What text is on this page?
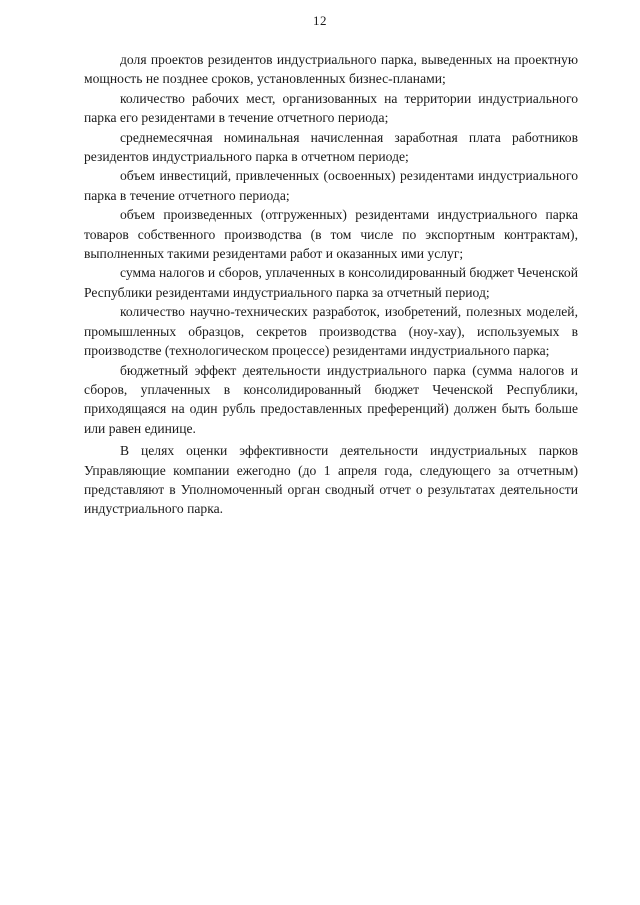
12

доля проектов резидентов индустриального парка, выведенных на проектную мощность не позднее сроков, установленных бизнес-планами;

количество рабочих мест, организованных на территории индустриального парка его резидентами в течение отчетного периода;

среднемесячная номинальная начисленная заработная плата работников резидентов индустриального парка в отчетном периоде;

объем инвестиций, привлеченных (освоенных) резидентами индустриального парка в течение отчетного периода;

объем произведенных (отгруженных) резидентами индустриального парка товаров собственного производства (в том числе по экспортным контрактам), выполненных такими резидентами работ и оказанных ими услуг;

сумма налогов и сборов, уплаченных в консолидированный бюджет Чеченской Республики резидентами индустриального парка за отчетный период;

количество научно-технических разработок, изобретений, полезных моделей, промышленных образцов, секретов производства (ноу-хау), используемых в производстве (технологическом процессе) резидентами индустриального парка;

бюджетный эффект деятельности индустриального парка (сумма налогов и сборов, уплаченных в консолидированный бюджет Чеченской Республики, приходящаяся на один рубль предоставленных преференций) должен быть больше или равен единице.

В целях оценки эффективности деятельности индустриальных парков Управляющие компании ежегодно (до 1 апреля года, следующего за отчетным) представляют в Уполномоченный орган сводный отчет о результатах деятельности индустриального парка.
